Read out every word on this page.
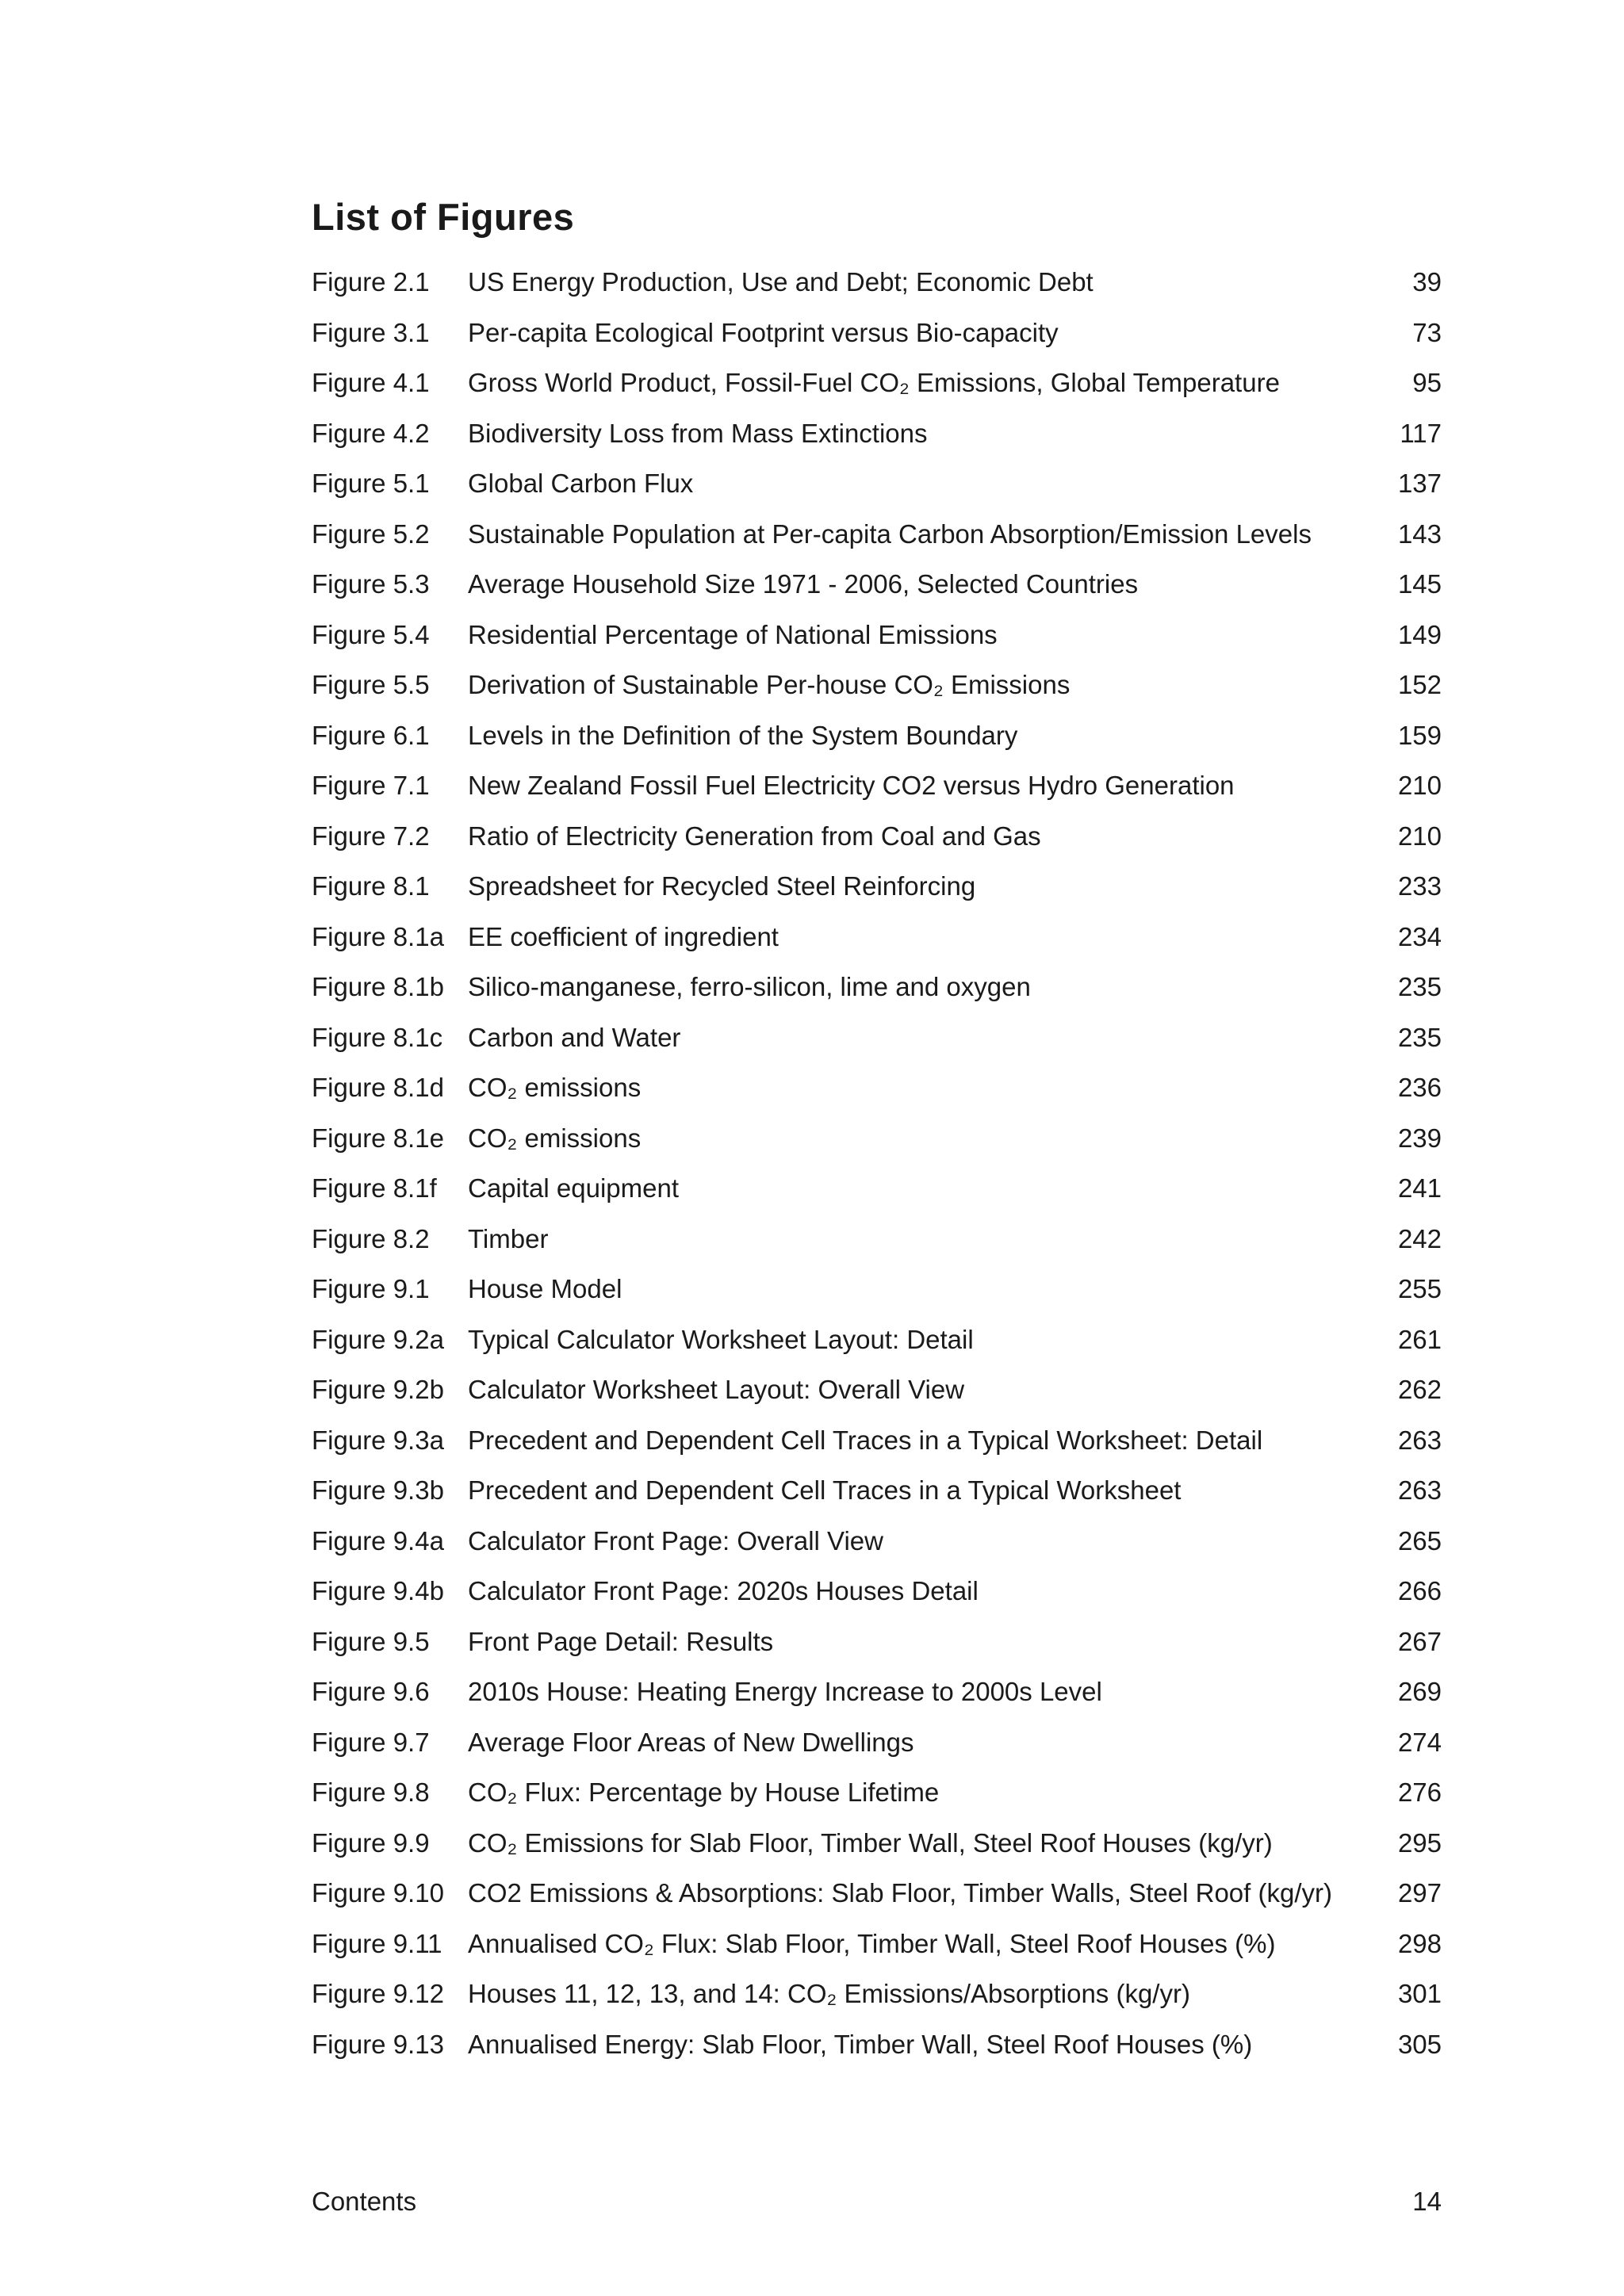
List of Figures
Figure 2.1 US Energy Production, Use and Debt; Economic Debt	39
Figure 3.1 Per-capita Ecological Footprint versus Bio-capacity	73
Figure 4.1 Gross World Product, Fossil-Fuel CO₂ Emissions, Global Temperature	95
Figure 4.2 Biodiversity Loss from Mass Extinctions	117
Figure 5.1 Global Carbon Flux	137
Figure 5.2 Sustainable Population at Per-capita Carbon Absorption/Emission Levels	143
Figure 5.3 Average Household Size 1971 - 2006, Selected Countries	145
Figure 5.4 Residential Percentage of National Emissions	149
Figure 5.5 Derivation of Sustainable Per-house CO₂ Emissions	152
Figure 6.1 Levels in the Definition of the System Boundary	159
Figure 7.1 New Zealand Fossil Fuel Electricity CO2 versus Hydro Generation	210
Figure 7.2 Ratio of Electricity Generation from Coal and Gas	210
Figure 8.1 Spreadsheet for Recycled Steel Reinforcing	233
Figure 8.1a EE coefficient of ingredient	234
Figure 8.1b Silico-manganese, ferro-silicon, lime and oxygen	235
Figure 8.1c Carbon and Water	235
Figure 8.1d CO₂ emissions	236
Figure 8.1e CO₂ emissions	239
Figure 8.1f Capital equipment	241
Figure 8.2 Timber	242
Figure 9.1 House Model	255
Figure 9.2a Typical Calculator Worksheet Layout: Detail	261
Figure 9.2b Calculator Worksheet Layout: Overall View	262
Figure 9.3a Precedent and Dependent Cell Traces in a Typical Worksheet: Detail	263
Figure 9.3b Precedent and Dependent Cell Traces in a Typical Worksheet	263
Figure 9.4a Calculator Front Page: Overall View	265
Figure 9.4b Calculator Front Page: 2020s Houses Detail	266
Figure 9.5 Front Page Detail: Results	267
Figure 9.6 2010s House: Heating Energy Increase to 2000s Level	269
Figure 9.7 Average Floor Areas of New Dwellings	274
Figure 9.8 CO₂ Flux: Percentage by House Lifetime	276
Figure 9.9 CO₂ Emissions for Slab Floor, Timber Wall, Steel Roof Houses (kg/yr)	295
Figure 9.10 CO2 Emissions & Absorptions: Slab Floor, Timber Walls, Steel Roof (kg/yr)	297
Figure 9.11 Annualised CO₂ Flux: Slab Floor, Timber Wall, Steel Roof Houses (%)	298
Figure 9.12 Houses 11, 12, 13, and 14: CO₂ Emissions/Absorptions (kg/yr)	301
Figure 9.13 Annualised Energy: Slab Floor, Timber Wall, Steel Roof Houses (%)	305
Contents	14
